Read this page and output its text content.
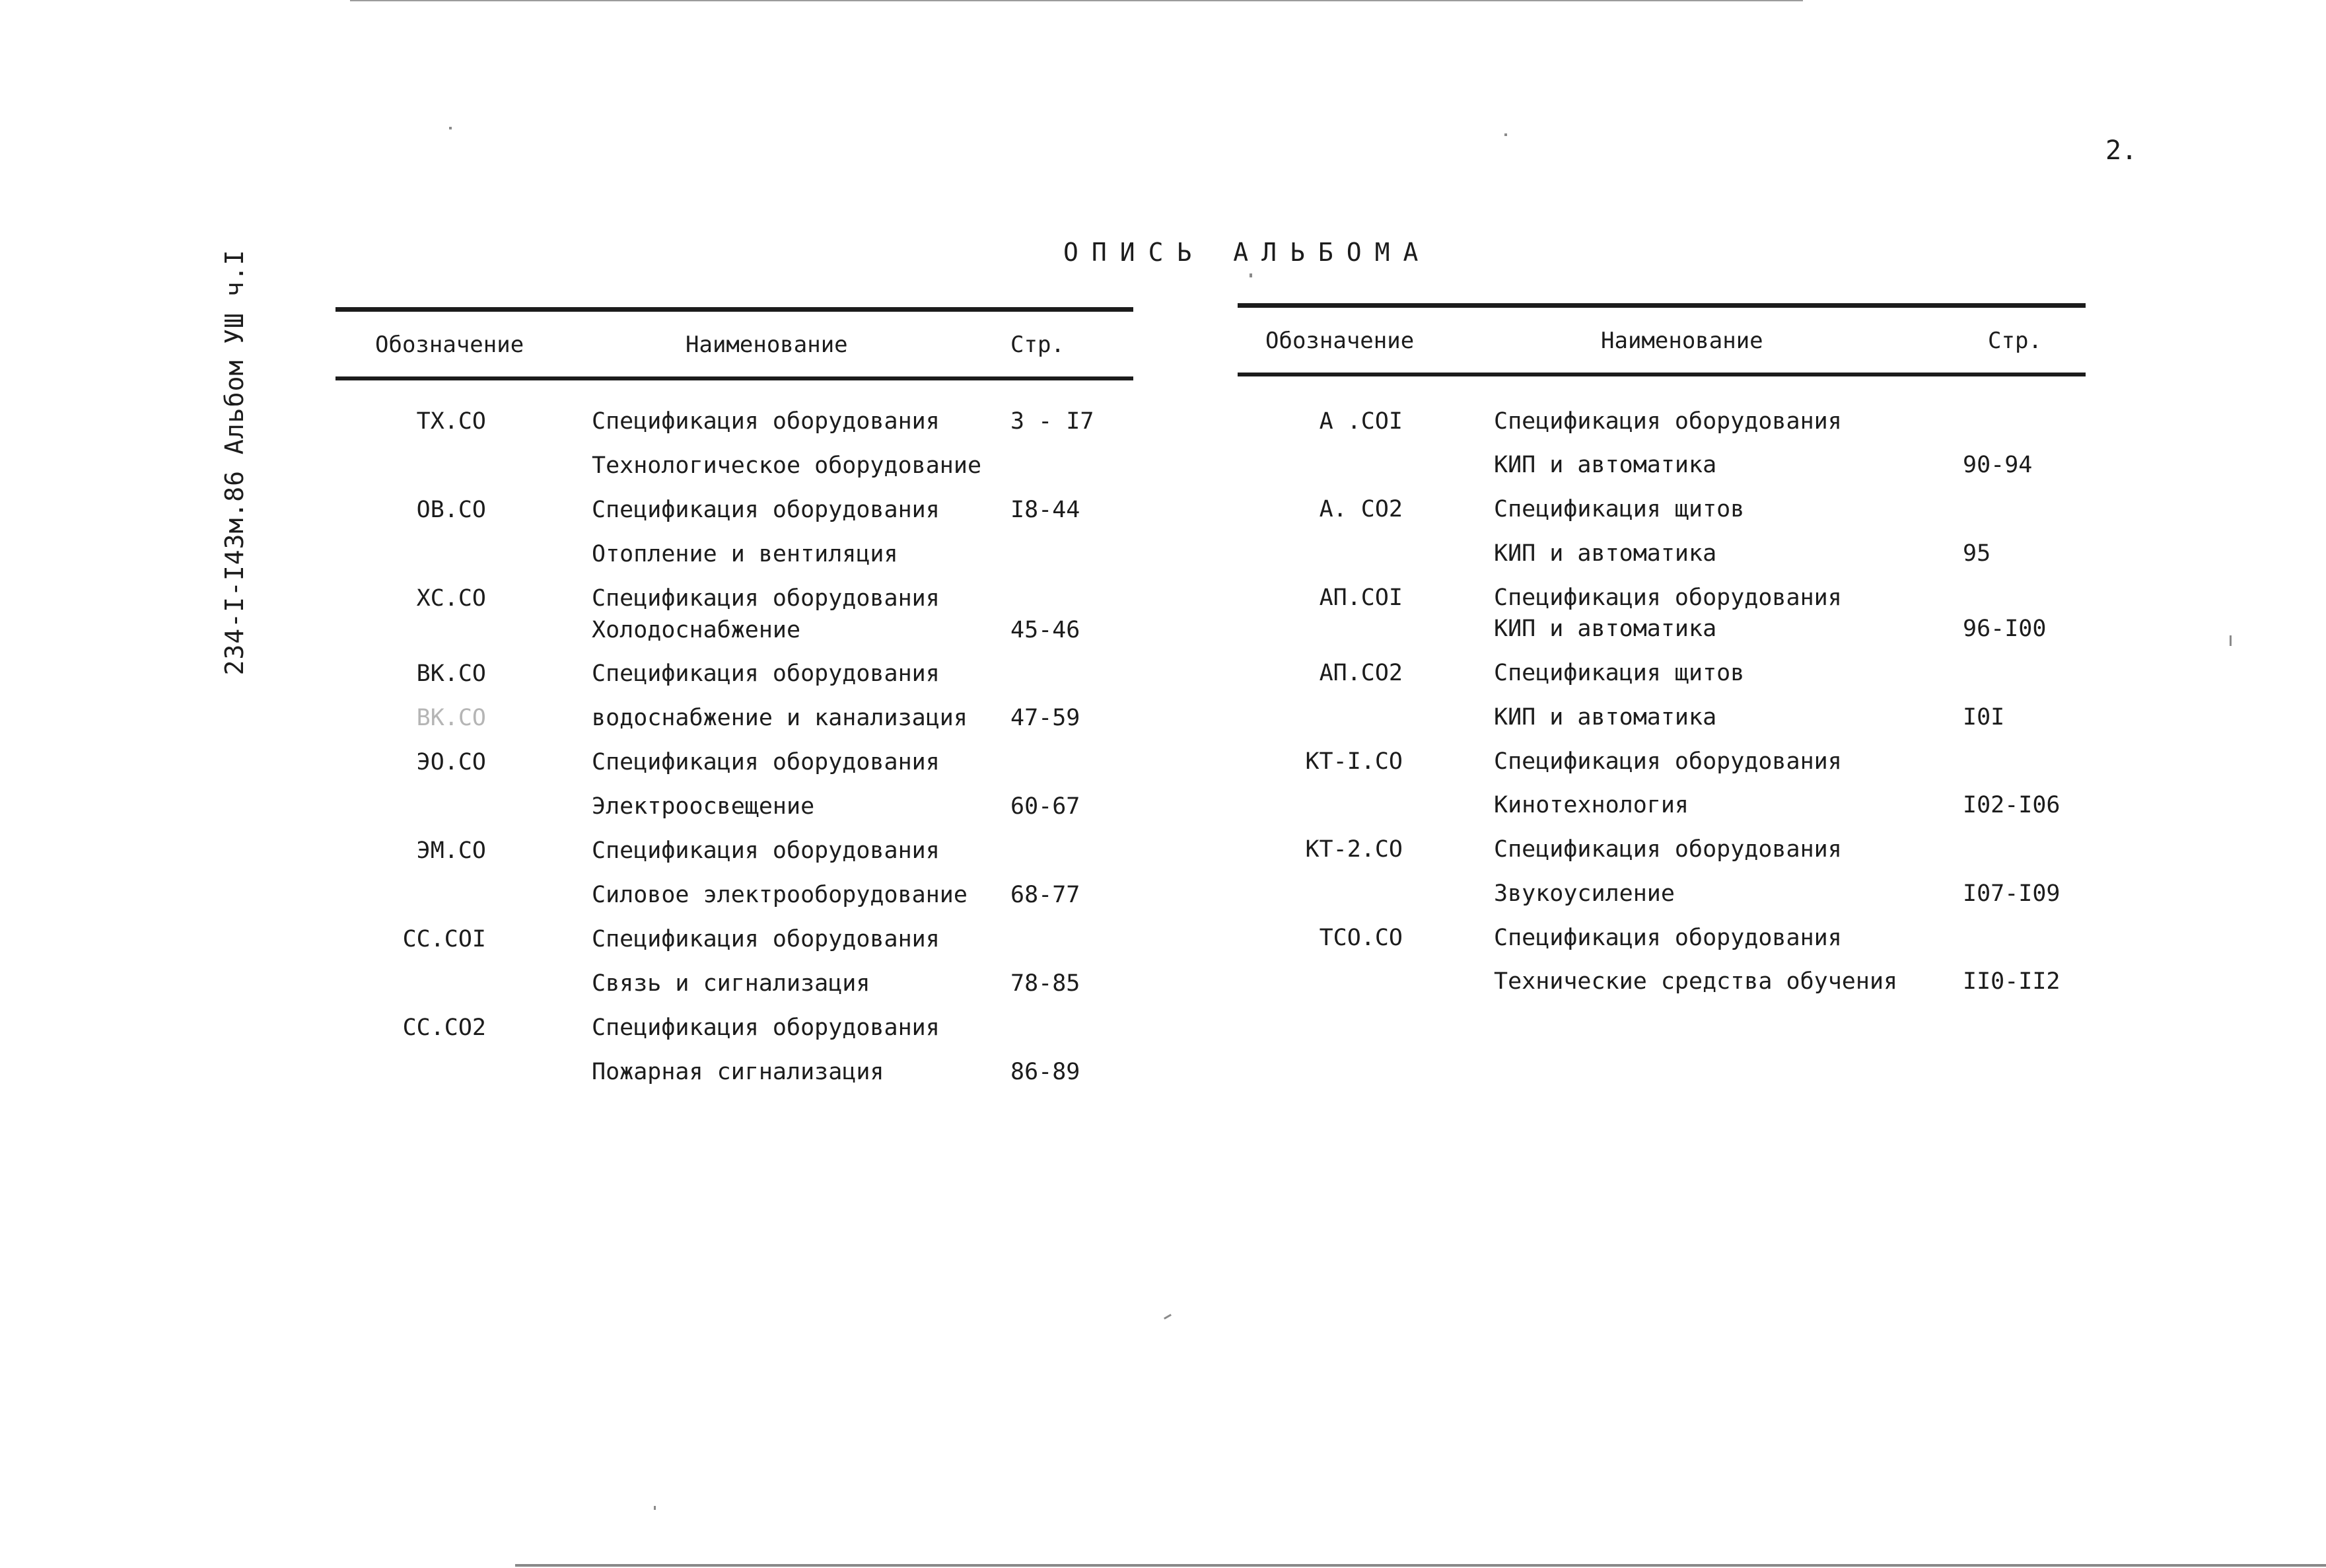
2.
234-I-I43м.86 Альбом УШ ч.I	ОПИСЬ АЛЬБОМА
Обозначение	Наименование	Стр.
ТХ.СО	Спецификация оборудования	3 - I7
Технологическое оборудование
ОВ.СО	Спецификация оборудования	I8-44
Отопление и вентиляция
ХС.СО	Спецификация оборудования
Холодоснабжение	45-46
ВК.СО	Спецификация оборудования
ВК.СО	водоснабжение и канализация 47-59
ЭО.СО	Спецификация оборудования
Электроосвещение	60-67
ЭМ.СО	Спецификация оборудования
Силовое электрооборудование 68-77
СС.СОI	Спецификация оборудования
Связь и сигнализация	78-85
СС.СО2	Спецификация оборудования
Пожарная сигнализация	86-89
Обозначение	Наименование	Стр.
А .СОI	Спецификация оборудования
КИП и автоматика	90-94
А. СО2	Спецификация щитов
КИП и автоматика	95
АП.СОI	Спецификация оборудования
КИП и автоматика	96-I00
АП.СО2	Спецификация щитов
КИП и автоматика	I0I
КТ-I.СО	Спецификация оборудования
Кинотехнология	I02-I06
КТ-2.СО	Спецификация оборудования
Звукоусиление	I07-I09
ТСО.СО	Спецификация оборудования
Технические средства обучения	II0-II2
